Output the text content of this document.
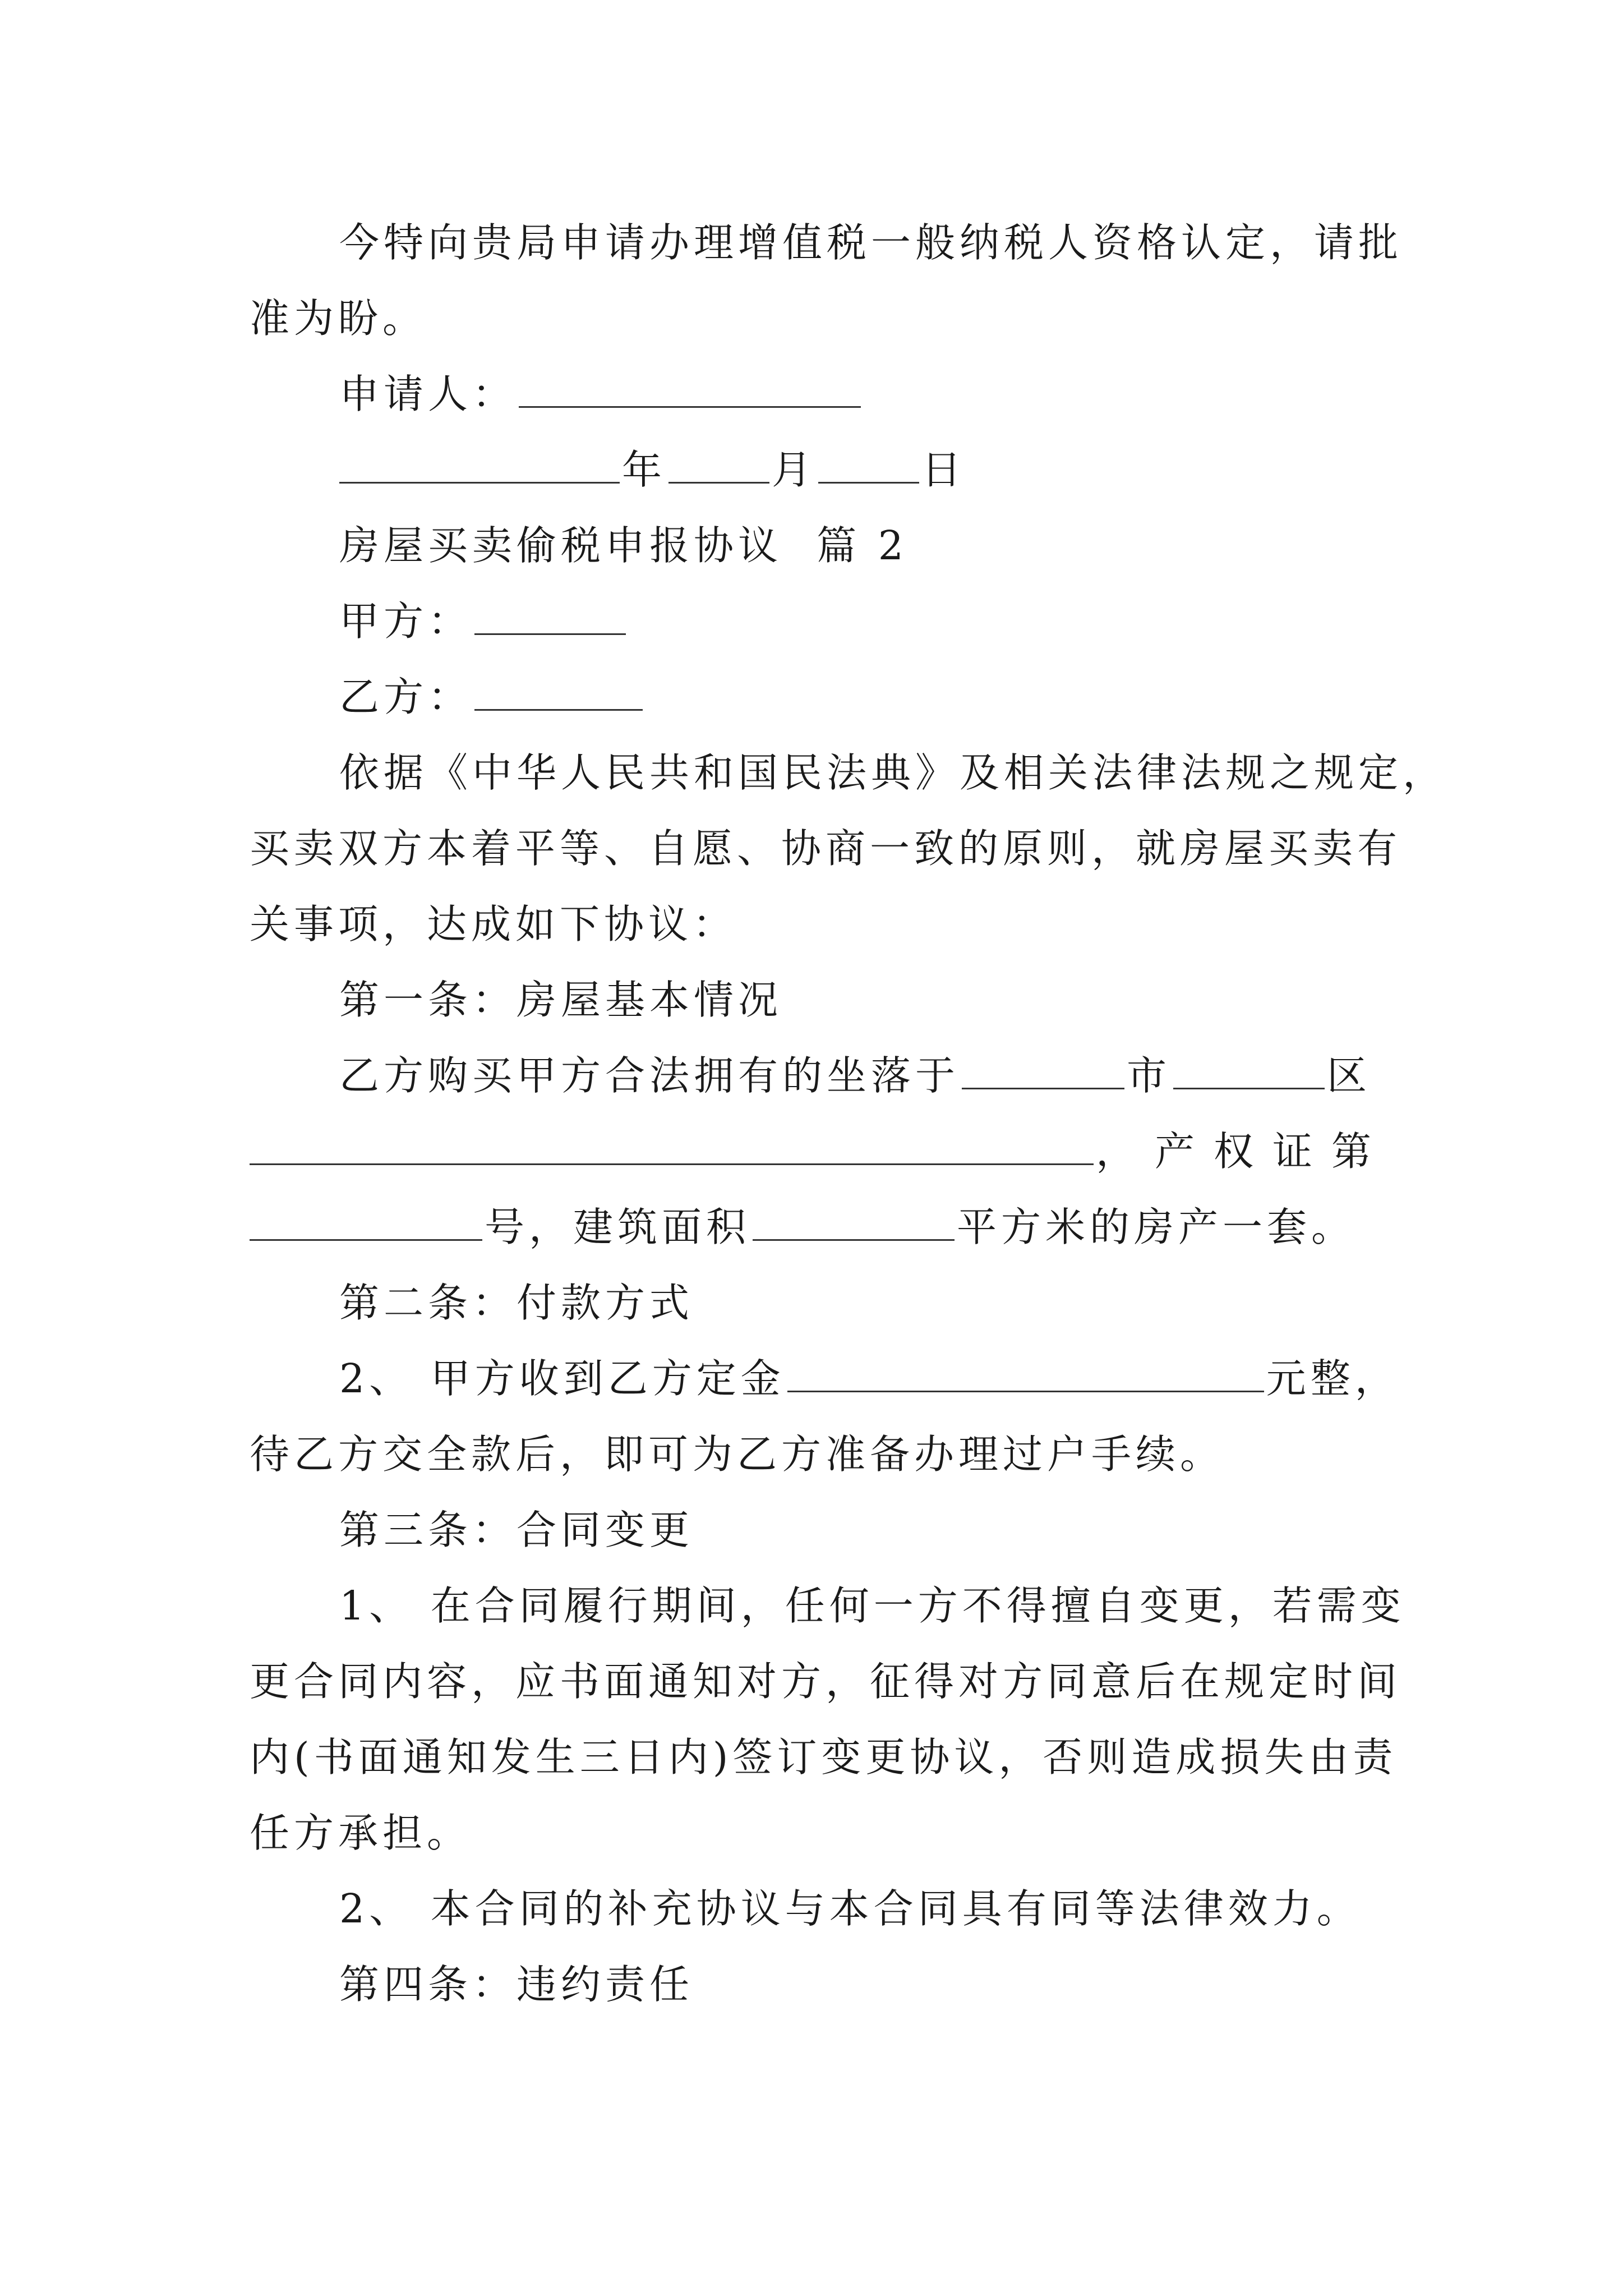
今特向贵局申请办理增值税一般纳税人资格认定，请批
准为盼。
申请人：
年	月	日
房屋买卖偷税申报协议  篇 2
甲方：
乙方：
依据《中华人民共和国民法典》及相关法律法规之规定，
买卖双方本着平等、自愿、协商一致的原则，就房屋买卖有
关事项，达成如下协议：
第一条：房屋基本情况
乙方购买甲方合法拥有的坐落于	市	区
，产权证第
号，建筑面积	平方米的房产一套。
第二条：付款方式
2、 甲方收到乙方定金	元整，
待乙方交全款后，即可为乙方准备办理过户手续。
第三条：合同变更
1、 在合同履行期间，任何一方不得擅自变更，若需变
更合同内容，应书面通知对方，征得对方同意后在规定时间
内(书面通知发生三日内)签订变更协议，否则造成损失由责
任方承担。
2、 本合同的补充协议与本合同具有同等法律效力。
第四条：违约责任
